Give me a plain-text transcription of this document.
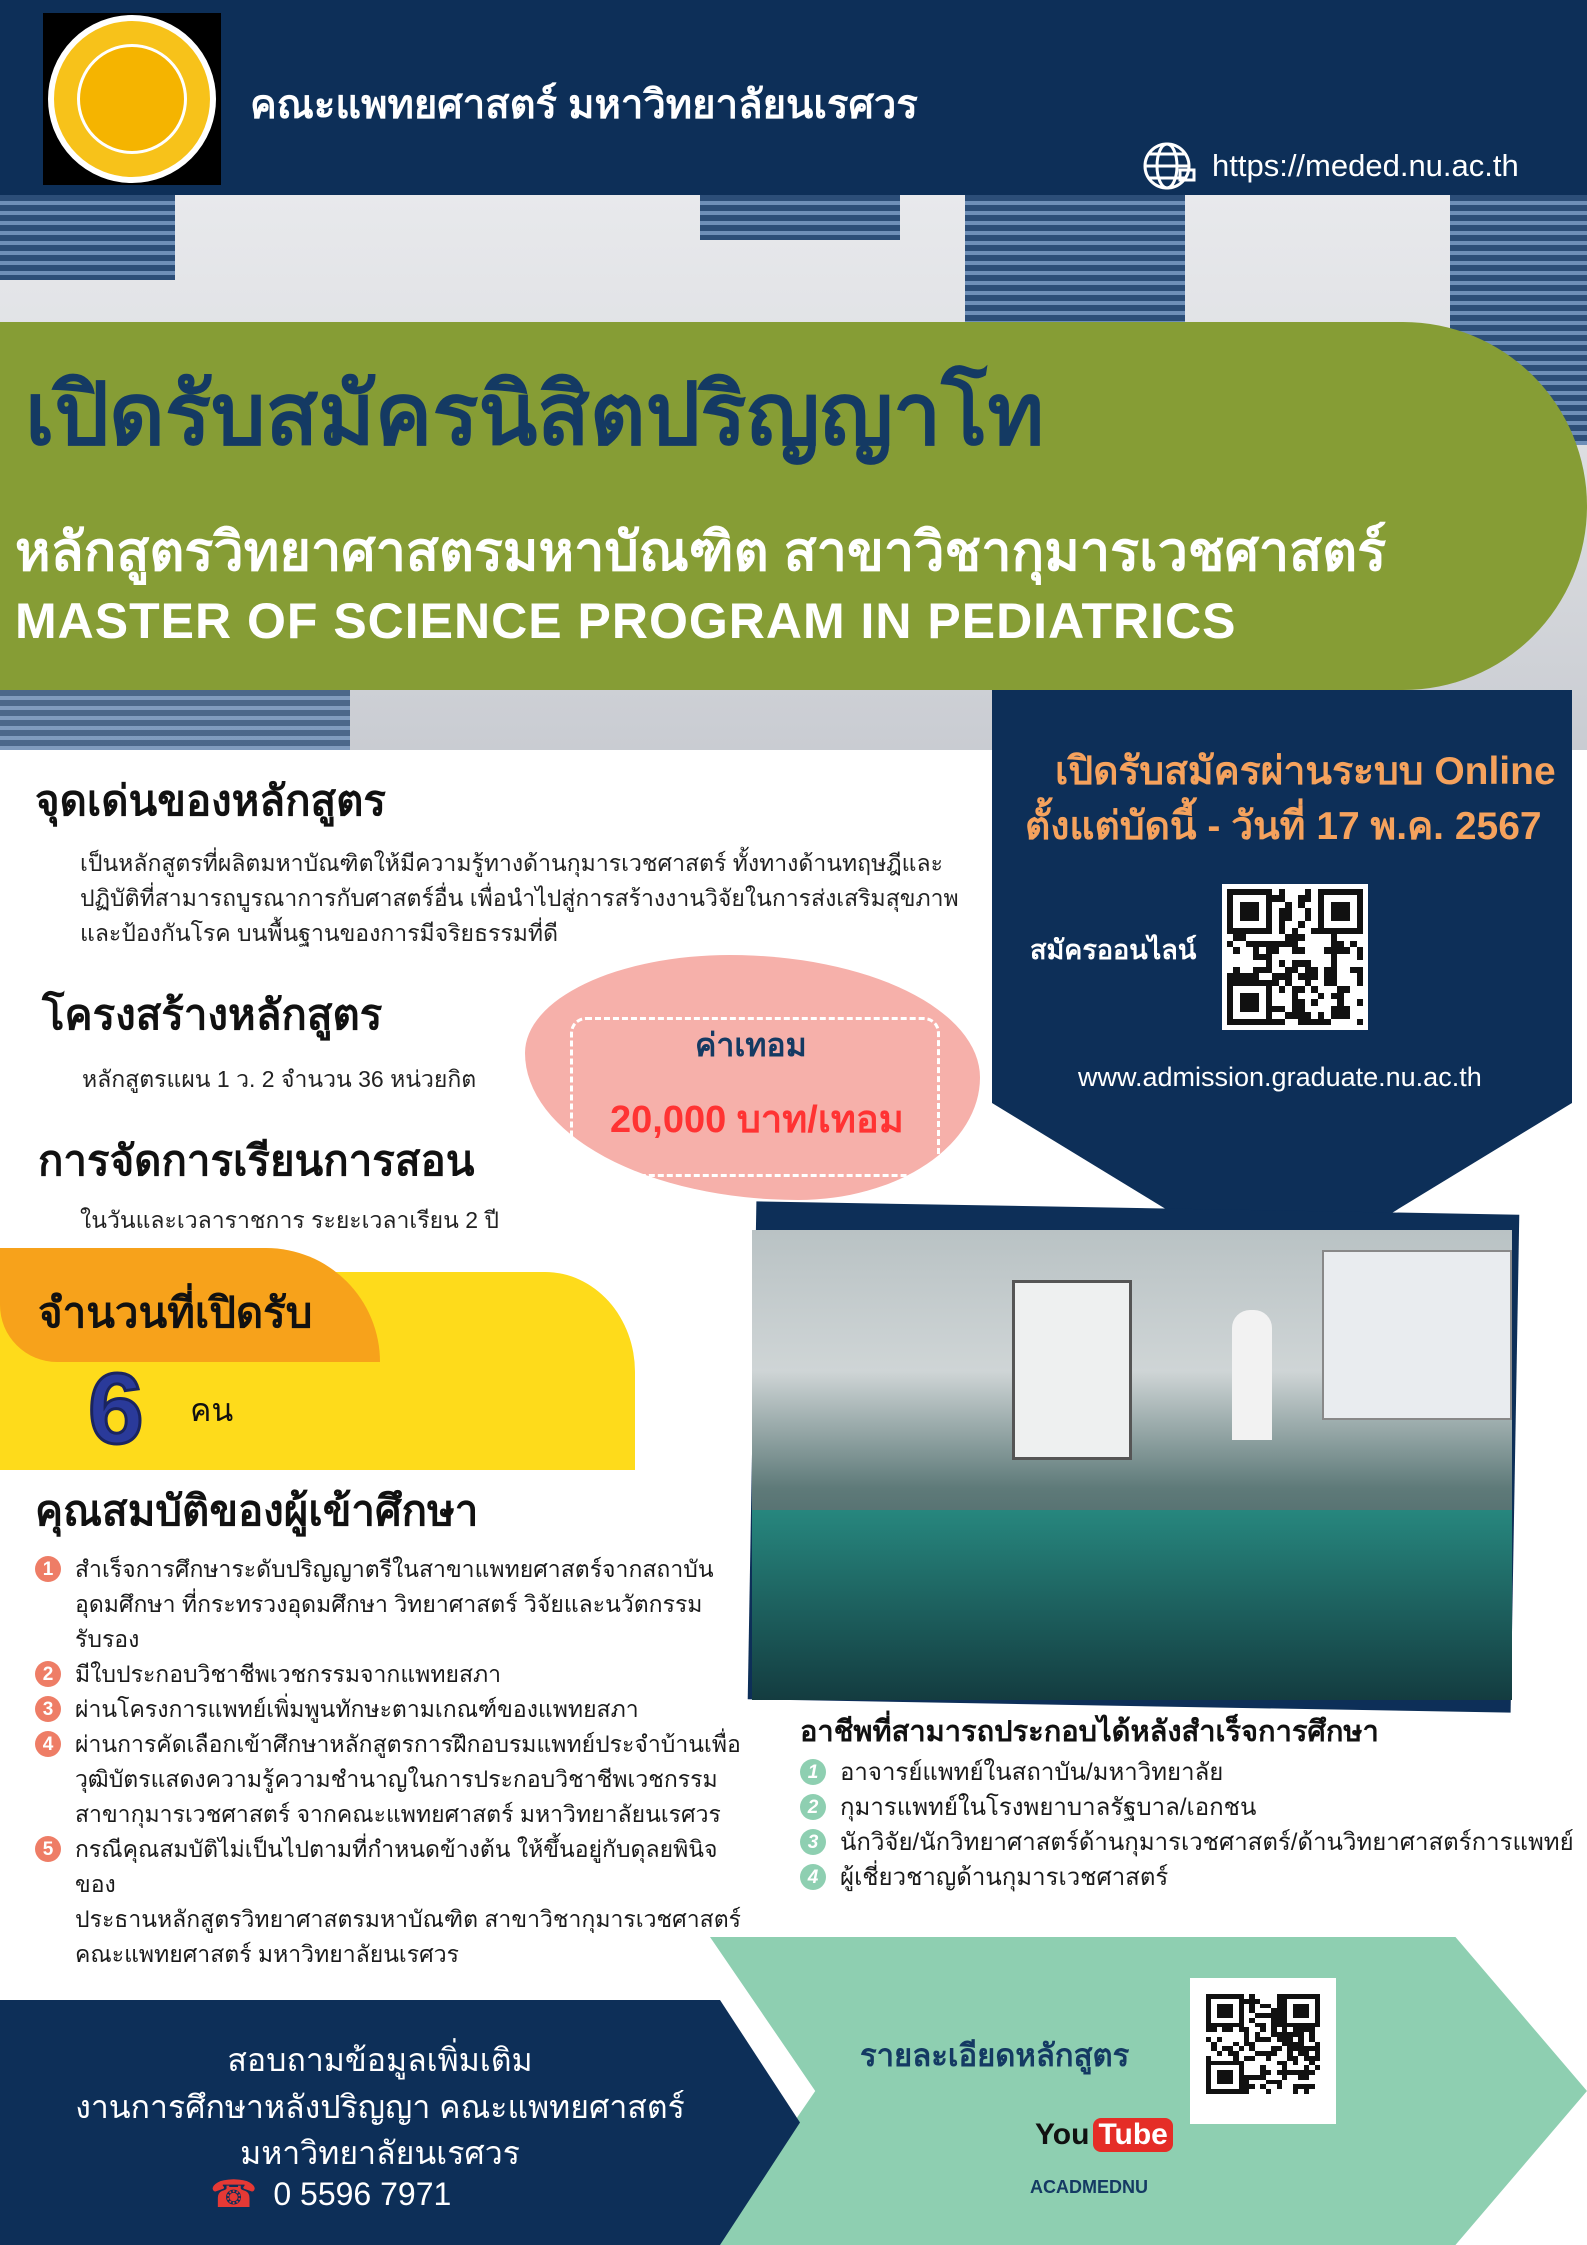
คณะแพทยศาสตร์ มหาวิทยาลัยนเรศวร
https://meded.nu.ac.th
เปิดรับสมัครนิสิตปริญญาโท
หลักสูตรวิทยาศาสตรมหาบัณฑิต สาขาวิชากุมารเวชศาสตร์
MASTER OF SCIENCE PROGRAM IN PEDIATRICS
เปิดรับสมัครผ่านระบบ Online
ตั้งแต่บัดนี้ - วันที่ 17 พ.ค. 2567
สมัครออนไลน์
www.admission.graduate.nu.ac.th
จุดเด่นของหลักสูตร
เป็นหลักสูตรที่ผลิตมหาบัณฑิตให้มีความรู้ทางด้านกุมารเวชศาสตร์ ทั้งทางด้านทฤษฎีและ
ปฏิบัติที่สามารถบูรณาการกับศาสตร์อื่น เพื่อนำไปสู่การสร้างงานวิจัยในการส่งเสริมสุขภาพ
และป้องกันโรค บนพื้นฐานของการมีจริยธรรมที่ดี
โครงสร้างหลักสูตร
หลักสูตรแผน 1 ว. 2 จำนวน 36 หน่วยกิต
การจัดการเรียนการสอน
ในวันและเวลาราชการ ระยะเวลาเรียน 2 ปี
ค่าเทอม
20,000 บาท/เทอม
จำนวนที่เปิดรับ
6 คน
คุณสมบัติของผู้เข้าศึกษา
1 สำเร็จการศึกษาระดับปริญญาตรีในสาขาแพทยศาสตร์จากสถาบัน
อุดมศึกษา ที่กระทรวงอุดมศึกษา วิทยาศาสตร์ วิจัยและนวัตกรรม
รับรอง
2 มีใบประกอบวิชาชีพเวชกรรมจากแพทยสภา
3 ผ่านโครงการแพทย์เพิ่มพูนทักษะตามเกณฑ์ของแพทยสภา
4 ผ่านการคัดเลือกเข้าศึกษาหลักสูตรการฝึกอบรมแพทย์ประจำบ้านเพื่อ
วุฒิบัตรแสดงความรู้ความชำนาญในการประกอบวิชาชีพเวชกรรม
สาขากุมารเวชศาสตร์ จากคณะแพทยศาสตร์ มหาวิทยาลัยนเรศวร
5 กรณีคุณสมบัติไม่เป็นไปตามที่กำหนดข้างต้น ให้ขึ้นอยู่กับดุลยพินิจของ
ประธานหลักสูตรวิทยาศาสตรมหาบัณฑิต สาขาวิชากุมารเวชศาสตร์
คณะแพทยศาสตร์ มหาวิทยาลัยนเรศวร
อาชีพที่สามารถประกอบได้หลังสำเร็จการศึกษา
1 อาจารย์แพทย์ในสถาบัน/มหาวิทยาลัย
2 กุมารแพทย์ในโรงพยาบาลรัฐบาล/เอกชน
3 นักวิจัย/นักวิทยาศาสตร์ด้านกุมารเวชศาสตร์/ด้านวิทยาศาสตร์การแพทย์
4 ผู้เชี่ยวชาญด้านกุมารเวชศาสตร์
สอบถามข้อมูลเพิ่มเติม
งานการศึกษาหลังปริญญา คณะแพทยศาสตร์
มหาวิทยาลัยนเรศวร
☎ 0 5596 7971
รายละเอียดหลักสูตร
You Tube
ACADMEDNU
